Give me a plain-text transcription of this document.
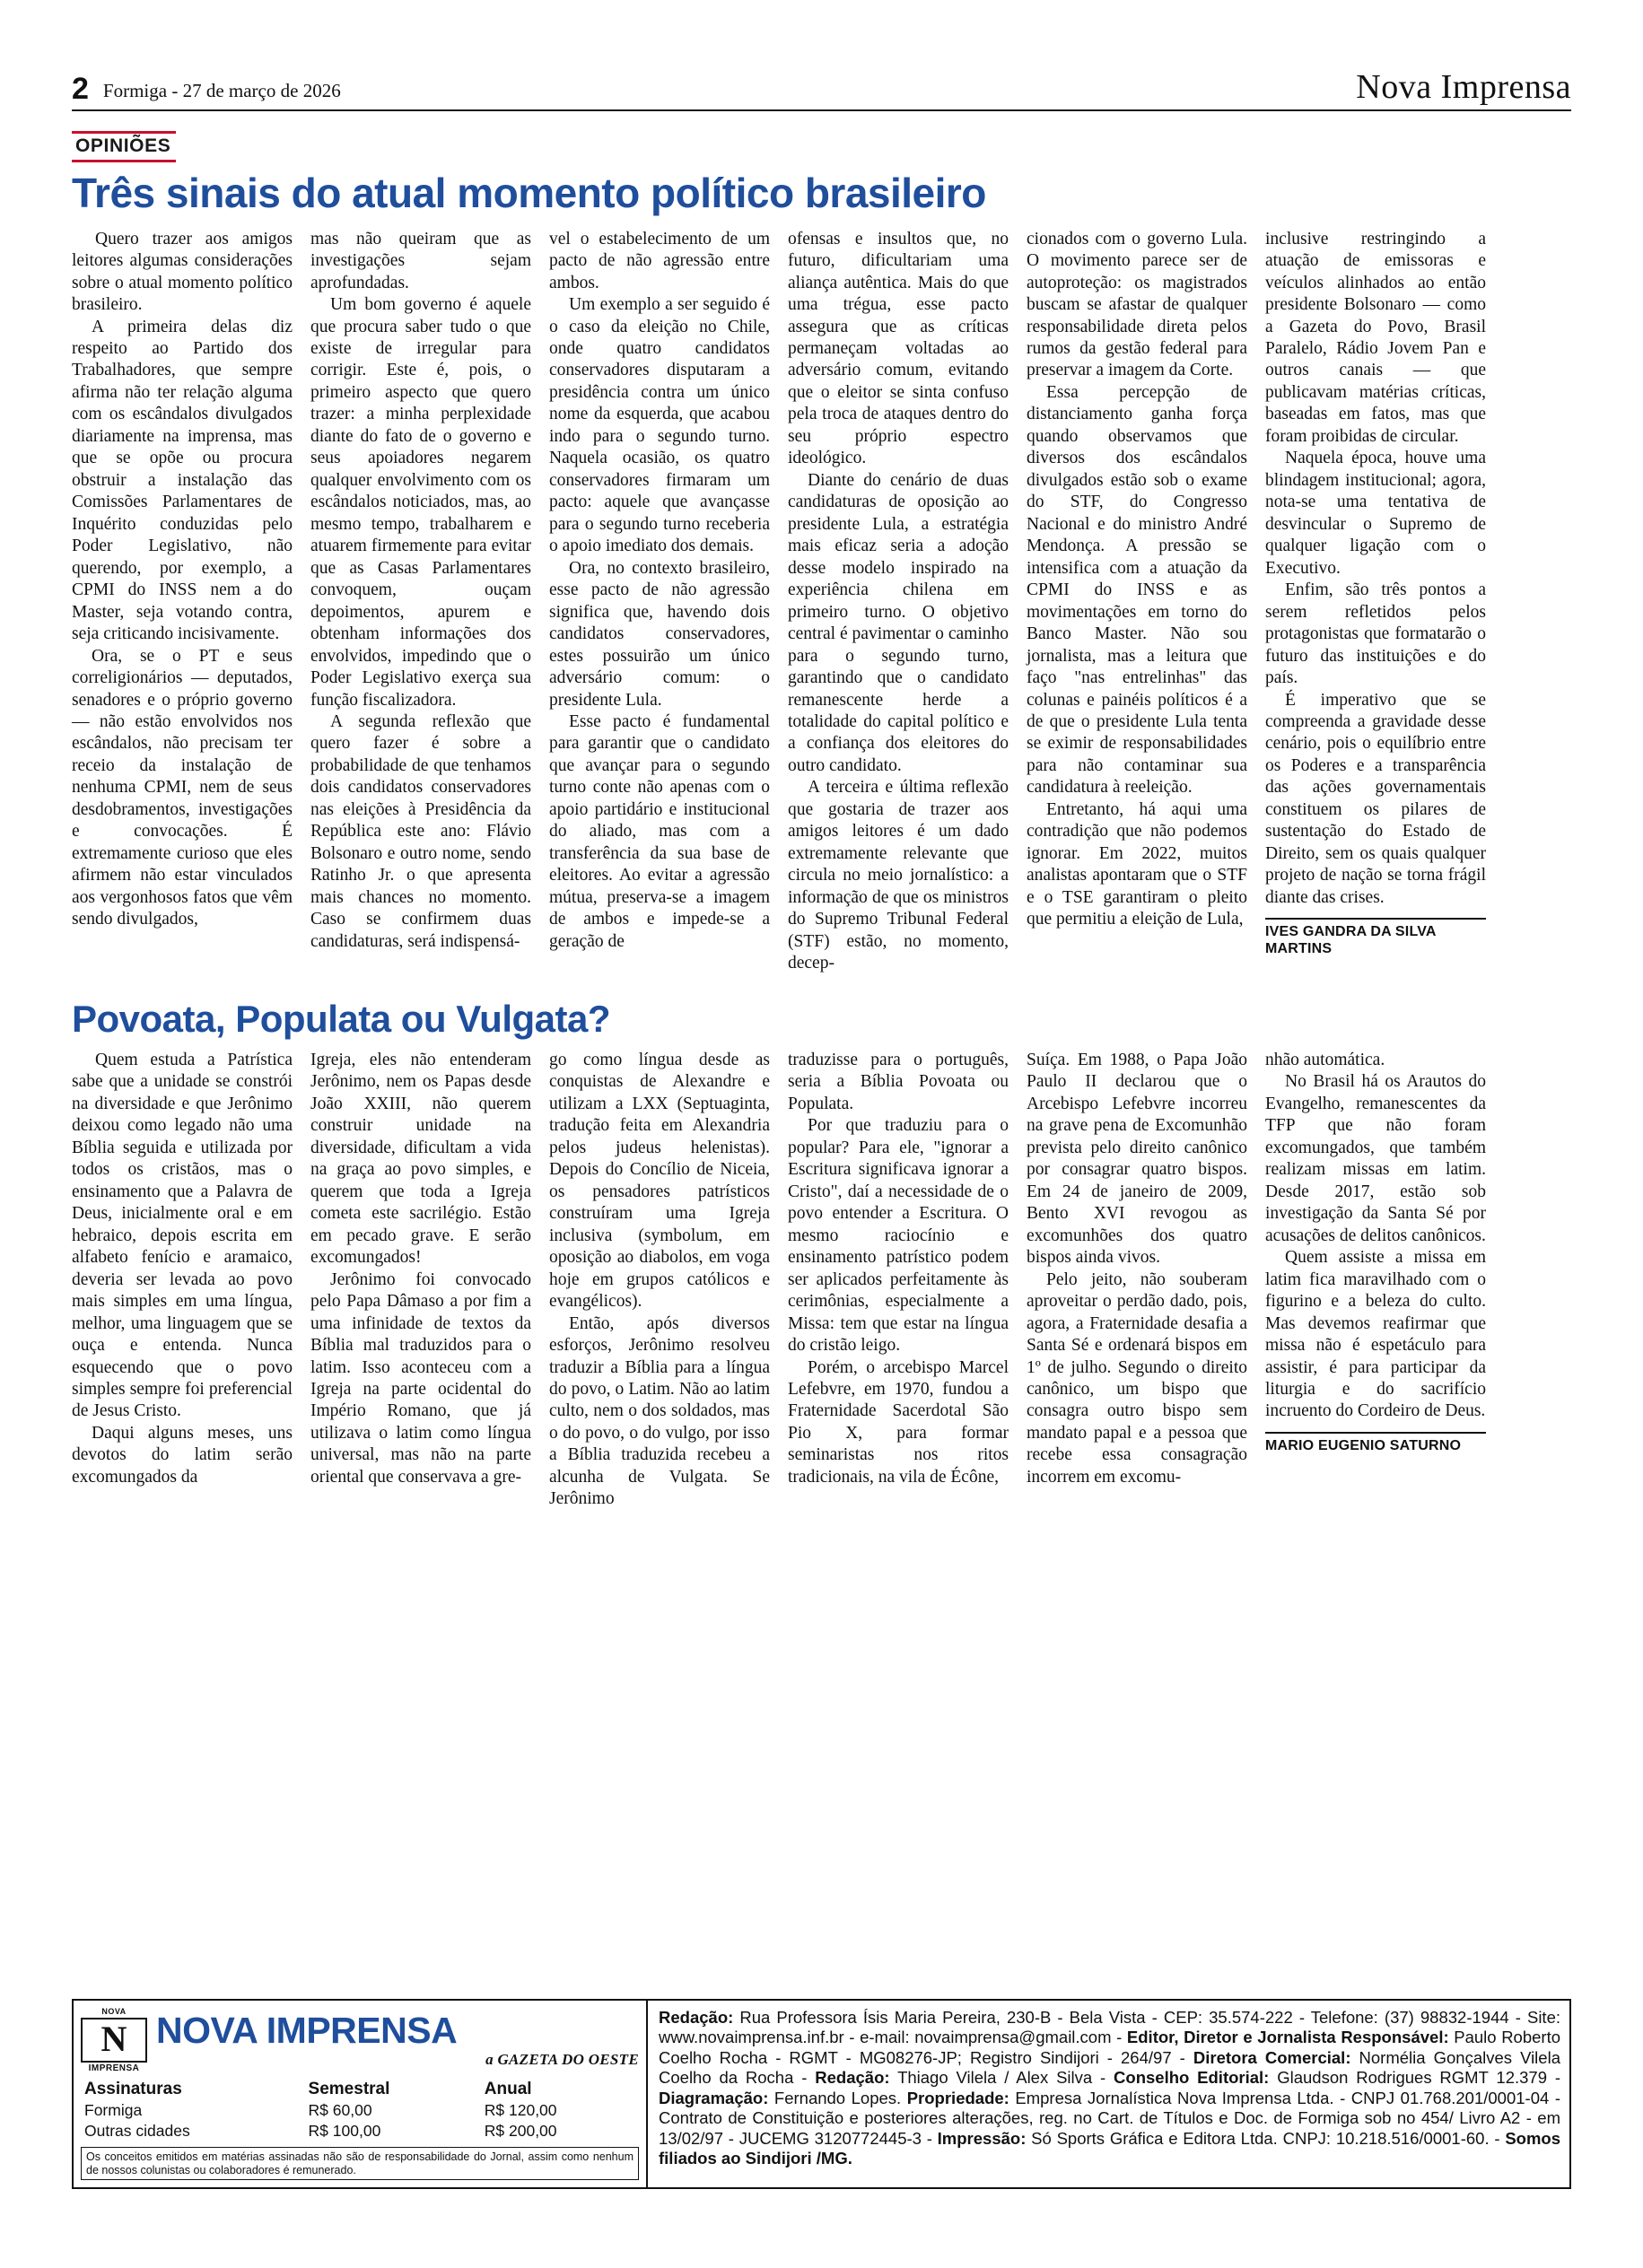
2 Formiga - 27 de março de 2026	Nova Imprensa
OPINIÕES
Três sinais do atual momento político brasileiro

Quero trazer aos amigos leitores algumas considerações sobre o atual momento político brasileiro.

A primeira delas diz respeito ao Partido dos Trabalhadores, que sempre afirma não ter relação alguma com os escândalos divulgados diariamente na imprensa, mas que se opõe ou procura obstruir a instalação das Comissões Parlamentares de Inquérito conduzidas pelo Poder Legislativo, não querendo, por exemplo, a CPMI do INSS nem a do Master, seja votando contra, seja criticando incisivamente.

Ora, se o PT e seus correligionários — deputados, senadores e o próprio governo — não estão envolvidos nos escândalos, não precisam ter receio da instalação de nenhuma CPMI, nem de seus desdobramentos, investigações e convocações. É extremamente curioso que eles afirmem não estar vinculados aos vergonhosos fatos que vêm sendo divulgados,

mas não queiram que as investigações sejam aprofundadas.

Um bom governo é aquele que procura saber tudo o que existe de irregular para corrigir. Este é, pois, o primeiro aspecto que quero trazer: a minha perplexidade diante do fato de o governo e seus apoiadores negarem qualquer envolvimento com os escândalos noticiados, mas, ao mesmo tempo, trabalharem e atuarem firmemente para evitar que as Casas Parlamentares convoquem, ouçam depoimentos, apurem e obtenham informações dos envolvidos, impedindo que o Poder Legislativo exerça sua função fiscalizadora.

A segunda reflexão que quero fazer é sobre a probabilidade de que tenhamos dois candidatos conservadores nas eleições à Presidência da República este ano: Flávio Bolsonaro e outro nome, sendo Ratinho Jr. o que apresenta mais chances no momento. Caso se confirmem duas candidaturas, será indispensá-

vel o estabelecimento de um pacto de não agressão entre ambos.

Um exemplo a ser seguido é o caso da eleição no Chile, onde quatro candidatos conservadores disputaram a presidência contra um único nome da esquerda, que acabou indo para o segundo turno. Naquela ocasião, os quatro conservadores firmaram um pacto: aquele que avançasse para o segundo turno receberia o apoio imediato dos demais.

Ora, no contexto brasileiro, esse pacto de não agressão significa que, havendo dois candidatos conservadores, estes possuirão um único adversário comum: o presidente Lula.

Esse pacto é fundamental para garantir que o candidato que avançar para o segundo turno conte não apenas com o apoio partidário e institucional do aliado, mas com a transferência da sua base de eleitores. Ao evitar a agressão mútua, preserva-se a imagem de ambos e impede-se a geração de

ofensas e insultos que, no futuro, dificultariam uma aliança autêntica. Mais do que uma trégua, esse pacto assegura que as críticas permaneçam voltadas ao adversário comum, evitando que o eleitor se sinta confuso pela troca de ataques dentro do seu próprio espectro ideológico.

Diante do cenário de duas candidaturas de oposição ao presidente Lula, a estratégia mais eficaz seria a adoção desse modelo inspirado na experiência chilena em primeiro turno. O objetivo central é pavimentar o caminho para o segundo turno, garantindo que o candidato remanescente herde a totalidade do capital político e a confiança dos eleitores do outro candidato.

A terceira e última reflexão que gostaria de trazer aos amigos leitores é um dado extremamente relevante que circula no meio jornalístico: a informação de que os ministros do Supremo Tribunal Federal (STF) estão, no momento, decep-

cionados com o governo Lula. O movimento parece ser de autoproteção: os magistrados buscam se afastar de qualquer responsabilidade direta pelos rumos da gestão federal para preservar a imagem da Corte.

Essa percepção de distanciamento ganha força quando observamos que diversos dos escândalos divulgados estão sob o exame do STF, do Congresso Nacional e do ministro André Mendonça. A pressão se intensifica com a atuação da CPMI do INSS e as movimentações em torno do Banco Master. Não sou jornalista, mas a leitura que faço "nas entrelinhas" das colunas e painéis políticos é a de que o presidente Lula tenta se eximir de responsabilidades para não contaminar sua candidatura à reeleição.

Entretanto, há aqui uma contradição que não podemos ignorar. Em 2022, muitos analistas apontaram que o STF e o TSE garantiram o pleito que permitiu a eleição de Lula,

inclusive restringindo a atuação de emissoras e veículos alinhados ao então presidente Bolsonaro — como a Gazeta do Povo, Brasil Paralelo, Rádio Jovem Pan e outros canais — que publicavam matérias críticas, baseadas em fatos, mas que foram proibidas de circular.

Naquela época, houve uma blindagem institucional; agora, nota-se uma tentativa de desvincular o Supremo de qualquer ligação com o Executivo.

Enfim, são três pontos a serem refletidos pelos protagonistas que formatarão o futuro das instituições e do país.

É imperativo que se compreenda a gravidade desse cenário, pois o equilíbrio entre os Poderes e a transparência das ações governamentais constituem os pilares de sustentação do Estado de Direito, sem os quais qualquer projeto de nação se torna frágil diante das crises.

IVES GANDRA DA SILVA MARTINS
Povoata, Populata ou Vulgata?

Quem estuda a Patrística sabe que a unidade se constrói na diversidade e que Jerônimo deixou como legado não uma Bíblia seguida e utilizada por todos os cristãos, mas o ensinamento que a Palavra de Deus, inicialmente oral e em hebraico, depois escrita em alfabeto fenício e aramaico, deveria ser levada ao povo mais simples em uma língua, melhor, uma linguagem que se ouça e entenda. Nunca esquecendo que o povo simples sempre foi preferencial de Jesus Cristo.

Daqui alguns meses, uns devotos do latim serão excomungados da

Igreja, eles não entenderam Jerônimo, nem os Papas desde João XXIII, não querem construir unidade na diversidade, dificultam a vida na graça ao povo simples, e querem que toda a Igreja cometa este sacrilégio. Estão em pecado grave. E serão excomungados!

Jerônimo foi convocado pelo Papa Dâmaso a por fim a uma infinidade de textos da Bíblia mal traduzidos para o latim. Isso aconteceu com a Igreja na parte ocidental do Império Romano, que já utilizava o latim como língua universal, mas não na parte oriental que conservava a gre-

go como língua desde as conquistas de Alexandre e utilizam a LXX (Septuaginta, tradução feita em Alexandria pelos judeus helenistas). Depois do Concílio de Niceia, os pensadores patrísticos construíram uma Igreja inclusiva (symbolum, em oposição ao diabolos, em voga hoje em grupos católicos e evangélicos).

Então, após diversos esforços, Jerônimo resolveu traduzir a Bíblia para a língua do povo, o Latim. Não ao latim culto, nem o dos soldados, mas o do povo, o do vulgo, por isso a Bíblia traduzida recebeu a alcunha de Vulgata. Se Jerônimo

traduzisse para o português, seria a Bíblia Povoata ou Populata.

Por que traduziu para o popular? Para ele, "ignorar a Escritura significava ignorar a Cristo", daí a necessidade de o povo entender a Escritura. O mesmo raciocínio e ensinamento patrístico podem ser aplicados perfeitamente às cerimônias, especialmente a Missa: tem que estar na língua do cristão leigo.

Porém, o arcebispo Marcel Lefebvre, em 1970, fundou a Fraternidade Sacerdotal São Pio X, para formar seminaristas nos ritos tradicionais, na vila de Écône,

Suíça. Em 1988, o Papa João Paulo II declarou que o Arcebispo Lefebvre incorreu na grave pena de Excomunhão prevista pelo direito canônico por consagrar quatro bispos. Em 24 de janeiro de 2009, Bento XVI revogou as excomunhões dos quatro bispos ainda vivos.

Pelo jeito, não souberam aproveitar o perdão dado, pois, agora, a Fraternidade desafia a Santa Sé e ordenará bispos em 1º de julho. Segundo o direito canônico, um bispo que consagra outro bispo sem mandato papal e a pessoa que recebe essa consagração incorrem em excomu-

nhão automática.

No Brasil há os Arautos do Evangelho, remanescentes da TFP que não foram excomungados, que também realizam missas em latim. Desde 2017, estão sob investigação da Santa Sé por acusações de delitos canônicos.

Quem assiste a missa em latim fica maravilhado com o figurino e a beleza do culto. Mas devemos reafirmar que missa não é espetáculo para assistir, é para participar da liturgia e do sacrifício incruento do Cordeiro de Deus.

MARIO EUGENIO SATURNO
NOVA
N
IMPRENSA
NOVA IMPRENSA
a GAZETA DO OESTE
Assinaturas	Semestral	Anual
Formiga	R$ 60,00	R$ 120,00
Outras cidades	R$ 100,00	R$ 200,00
Os conceitos emitidos em matérias assinadas não são de responsabilidade do Jornal, assim como nenhum de nossos colunistas ou colaboradores é remunerado.
Redação: Rua Professora Ísis Maria Pereira, 230-B - Bela Vista - CEP: 35.574-222 - Telefone: (37) 98832-1944 - Site: www.novaimprensa.inf.br - e-mail: novaimprensa@gmail.com - Editor, Diretor e Jornalista Responsável: Paulo Roberto Coelho Rocha - RGMT - MG08276-JP; Registro Sindijori - 264/97 - Diretora Comercial: Normélia Gonçalves Vilela Coelho da Rocha - Redação: Thiago Vilela / Alex Silva - Conselho Editorial: Glaudson Rodrigues RGMT 12.379 - Diagramação: Fernando Lopes. Propriedade: Empresa Jornalística Nova Imprensa Ltda. - CNPJ 01.768.201/0001-04 - Contrato de Constituição e posteriores alterações, reg. no Cart. de Títulos e Doc. de Formiga sob no 454/ Livro A2 - em 13/02/97 - JUCEMG 3120772445-3 - Impressão: Só Sports Gráfica e Editora Ltda. CNPJ: 10.218.516/0001-60. - Somos filiados ao Sindijori /MG.
